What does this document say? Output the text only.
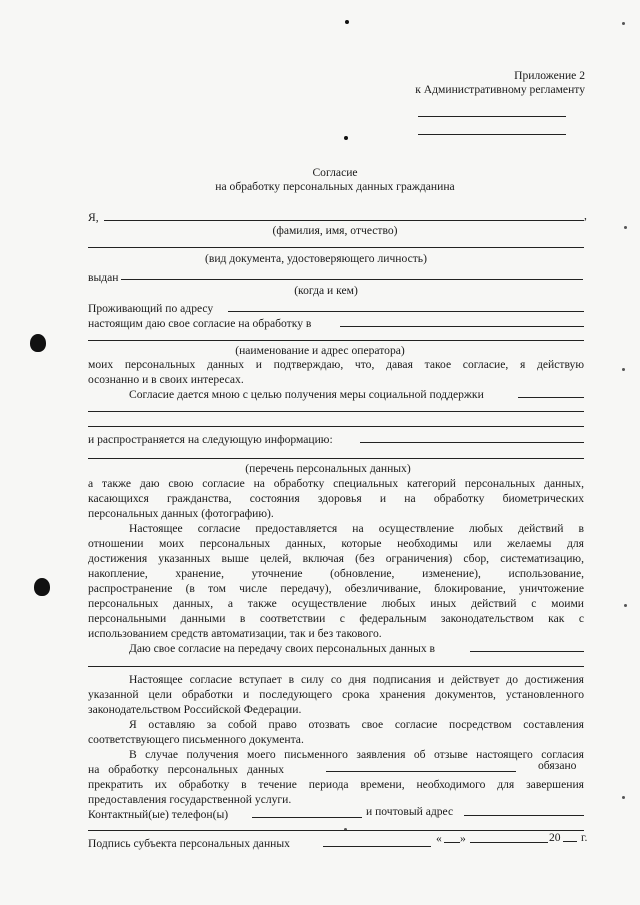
Приложение 2
к Административному регламенту
Согласие
на обработку персональных данных гражданина
Я,	,
(фамилия, имя, отчество)
(вид документа, удостоверяющего личность)
выдан
(когда и кем)
Проживающий по адресу
настоящим даю свое согласие на обработку в
(наименование и адрес оператора)
моих персональных данных и подтверждаю, что, давая такое согласие, я действую
осознанно и в своих интересах.
Согласие дается мною с целью получения меры социальной поддержки
и распространяется на следующую информацию:
(перечень персональных данных)
а также даю свою согласие на обработку специальных категорий персональных данных,
касающихся гражданства, состояния здоровья и на обработку биометрических
персональных данных (фотографию).
Настоящее согласие предоставляется на осуществление любых действий в
отношении моих персональных данных, которые необходимы или желаемы для
достижения указанных выше целей, включая (без ограничения) сбор, систематизацию,
накопление, хранение, уточнение (обновление, изменение), использование,
распространение (в том числе передачу), обезличивание, блокирование, уничтожение
персональных данных, а также осуществление любых иных действий с моими
персональными данными в соответствии с федеральным законодательством как с
использованием средств автоматизации, так и без такового.
Даю свое согласие на передачу своих персональных данных в
Настоящее согласие вступает в силу со дня подписания и действует до достижения
указанной цели обработки и последующего срока хранения документов, установленного
законодательством Российской Федерации.
Я оставляю за собой право отозвать свое согласие посредством составления
соответствующего письменного документа.
В случае получения моего письменного заявления об отзыве настоящего согласия
на обработку персональных данных	обязано
прекратить их обработку в течение периода времени, необходимого для завершения
предоставления государственной услуги.
Контактный(ые) телефон(ы)	и почтовый адрес
Подпись субъекта персональных данных	« »	20 г.
